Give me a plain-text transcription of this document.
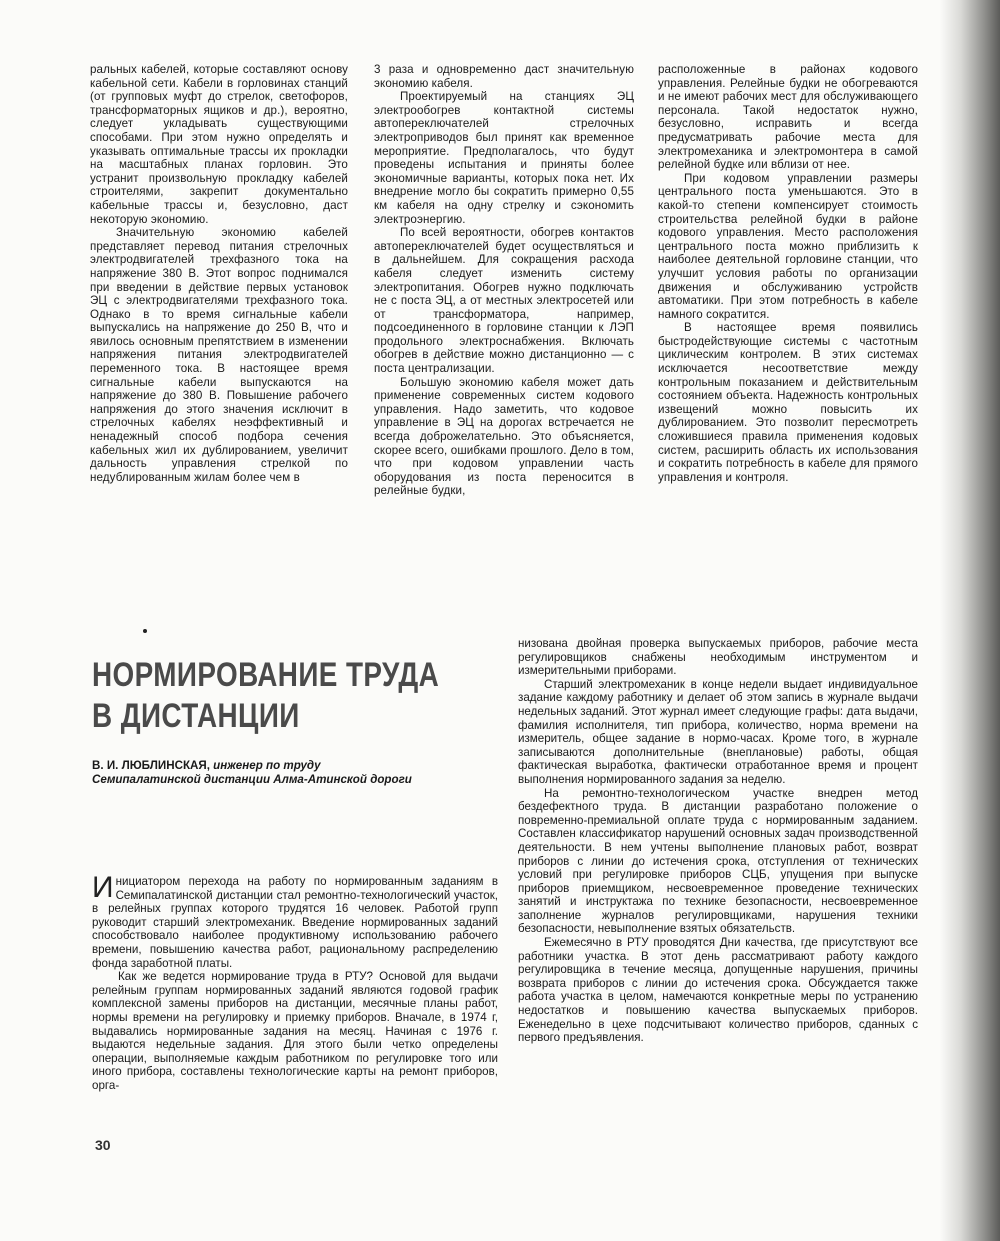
ральных кабелей, которые составляют основу кабельной сети. Кабели в горловинах станций (от групповых муфт до стрелок, светофоров, трансформаторных ящиков и др.), вероятно, следует укладывать существующими способами. При этом нужно определять и указывать оптимальные трассы их прокладки на масштабных планах горловин. Это устранит произвольную прокладку кабелей строителями, закрепит документально кабельные трассы и, безусловно, даст некоторую экономию.

Значительную экономию кабелей представляет перевод питания стрелочных электродвигателей трехфазного тока на напряжение 380 В. Этот вопрос поднимался при введении в действие первых установок ЭЦ с электродвигателями трехфазного тока. Однако в то время сигнальные кабели выпускались на напряжение до 250 В, что и явилось основным препятствием в изменении напряжения питания электродвигателей переменного тока. В настоящее время сигнальные кабели выпускаются на напряжение до 380 В. Повышение рабочего напряжения до этого значения исключит в стрелочных кабелях неэффективный и ненадежный способ подбора сечения кабельных жил их дублированием, увеличит дальность управления стрелкой по недублированным жилам более чем в

3 раза и одновременно даст значительную экономию кабеля.

Проектируемый на станциях ЭЦ электрообогрев контактной системы автопереключателей стрелочных электроприводов был принят как временное мероприятие. Предполагалось, что будут проведены испытания и приняты более экономичные варианты, которых пока нет. Их внедрение могло бы сократить примерно 0,55 км кабеля на одну стрелку и сэкономить электроэнергию.

По всей вероятности, обогрев контактов автопереключателей будет осуществляться и в дальнейшем. Для сокращения расхода кабеля следует изменить систему электропитания. Обогрев нужно подключать не с поста ЭЦ, а от местных электросетей или от трансформатора, например, подсоединенного в горловине станции к ЛЭП продольного электроснабжения. Включать обогрев в действие можно дистанционно — с поста централизации.

Большую экономию кабеля может дать применение современных систем кодового управления. Надо заметить, что кодовое управление в ЭЦ на дорогах встречается не всегда доброжелательно. Это объясняется, скорее всего, ошибками прошлого. Дело в том, что при кодовом управлении часть оборудования из поста переносится в релейные будки,

расположенные в районах кодового управления. Релейные будки не обогреваются и не имеют рабочих мест для обслуживающего персонала. Такой недостаток нужно, безусловно, исправить и всегда предусматривать рабочие места для электромеханика и электромонтера в самой релейной будке или вблизи от нее.

При кодовом управлении размеры центрального поста уменьшаются. Это в какой-то степени компенсирует стоимость строительства релейной будки в районе кодового управления. Место расположения центрального поста можно приблизить к наиболее деятельной горловине станции, что улучшит условия работы по организации движения и обслуживанию устройств автоматики. При этом потребность в кабеле намного сократится.

В настоящее время появились быстродействующие системы с частотным циклическим контролем. В этих системах исключается несоответствие между контрольным показанием и действительным состоянием объекта. Надежность контрольных извещений можно повысить их дублированием. Это позволит пересмотреть сложившиеся правила применения кодовых систем, расширить область их использования и сократить потребность в кабеле для прямого управления и контроля.

НОРМИРОВАНИЕ ТРУДА
В ДИСТАНЦИИ
В. И. ЛЮБЛИНСКАЯ, инженер по труду
Семипалатинской дистанции Алма-Атинской дороги

Инициатором перехода на работу по нормированным заданиям в Семипалатинской дистанции стал ремонтно-технологический участок, в релейных группах которого трудятся 16 человек. Работой групп руководит старший электромеханик. Введение нормированных заданий способствовало наиболее продуктивному использованию рабочего времени, повышению качества работ, рациональному распределению фонда заработной платы.

Как же ведется нормирование труда в РТУ? Основой для выдачи релейным группам нормированных заданий являются годовой график комплексной замены приборов на дистанции, месячные планы работ, нормы времени на регулировку и приемку приборов. Вначале, в 1974 г, выдавались нормированные задания на месяц. Начиная с 1976 г. выдаются недельные задания. Для этого были четко определены операции, выполняемые каждым работником по регулировке того или иного прибора, составлены технологические карты на ремонт приборов, орга-

низована двойная проверка выпускаемых приборов, рабочие места регулировщиков снабжены необходимым инструментом и измерительными приборами.

Старший электромеханик в конце недели выдает индивидуальное задание каждому работнику и делает об этом запись в журнале выдачи недельных заданий. Этот журнал имеет следующие графы: дата выдачи, фамилия исполнителя, тип прибора, количество, норма времени на измеритель, общее задание в нормо-часах. Кроме того, в журнале записываются дополнительные (внеплановые) работы, общая фактическая выработка, фактически отработанное время и процент выполнения нормированного задания за неделю.

На ремонтно-технологическом участке внедрен метод бездефектного труда. В дистанции разработано положение о повременно-премиальной оплате труда с нормированным заданием. Составлен классификатор нарушений основных задач производственной деятельности. В нем учтены выполнение плановых работ, возврат приборов с линии до истечения срока, отступления от технических условий при регулировке приборов СЦБ, упущения при выпуске приборов приемщиком, несвоевременное проведение технических занятий и инструктажа по технике безопасности, несвоевременное заполнение журналов регулировщиками, нарушения техники безопасности, невыполнение взятых обязательств.

Ежемесячно в РТУ проводятся Дни качества, где присутствуют все работники участка. В этот день рассматривают работу каждого регулировщика в течение месяца, допущенные нарушения, причины возврата приборов с линии до истечения срока. Обсуждается также работа участка в целом, намечаются конкретные меры по устранению недостатков и повышению качества выпускаемых приборов. Еженедельно в цехе подсчитывают количество приборов, сданных с первого предъявления.

30
